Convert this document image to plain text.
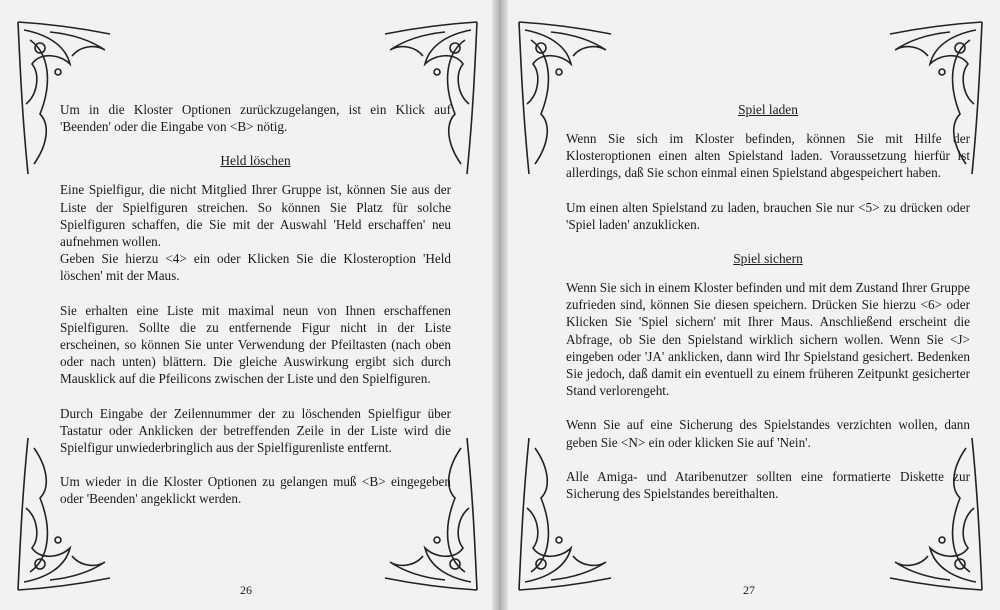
Um in die Kloster Optionen zurückzugelangen, ist ein Klick auf 'Beenden' oder die Eingabe von <B> nötig.

Held löschen

Eine Spielfigur, die nicht Mitglied Ihrer Gruppe ist, können Sie aus der Liste der Spielfiguren streichen. So können Sie Platz für solche Spielfiguren schaffen, die Sie mit der Auswahl 'Held erschaffen' neu aufnehmen wollen.

Geben Sie hierzu <4> ein oder Klicken Sie die Klosteroption 'Held löschen' mit der Maus.

Sie erhalten eine Liste mit maximal neun von Ihnen erschaffenen Spielfiguren. Sollte die zu entfernende Figur nicht in der Liste erscheinen, so können Sie unter Verwendung der Pfeiltasten (nach oben oder nach unten) blättern. Die gleiche Auswirkung ergibt sich durch Mausklick auf die Pfeilicons zwischen der Liste und den Spielfiguren.

Durch Eingabe der Zeilennummer der zu löschenden Spielfigur über Tastatur oder Anklicken der betreffenden Zeile in der Liste wird die Spielfigur unwiederbringlich aus der Spielfigurenliste entfernt.

Um wieder in die Kloster Optionen zu gelangen muß <B> eingegeben oder 'Beenden' angeklickt werden.

26
Spiel laden

Wenn Sie sich im Kloster befinden, können Sie mit Hilfe der Klosteroptionen einen alten Spielstand laden. Voraussetzung hierfür ist allerdings, daß Sie schon einmal einen Spielstand abgespeichert haben.

Um einen alten Spielstand zu laden, brauchen Sie nur <5> zu drücken oder 'Spiel laden' anzuklicken.

Spiel sichern

Wenn Sie sich in einem Kloster befinden und mit dem Zustand Ihrer Gruppe zufrieden sind, können Sie diesen speichern. Drücken Sie hierzu <6> oder Klicken Sie 'Spiel sichern' mit Ihrer Maus. Anschließend erscheint die Abfrage, ob Sie den Spielstand wirklich sichern wollen. Wenn Sie <J> eingeben oder 'JA' anklicken, dann wird Ihr Spielstand gesichert. Bedenken Sie jedoch, daß damit ein eventuell zu einem früheren Zeitpunkt gesicherter Stand verlorengeht.

Wenn Sie auf eine Sicherung des Spielstandes verzichten wollen, dann geben Sie <N> ein oder klicken Sie auf 'Nein'.

Alle Amiga- und Ataribenutzer sollten eine formatierte Diskette zur Sicherung des Spielstandes bereithalten.

27
